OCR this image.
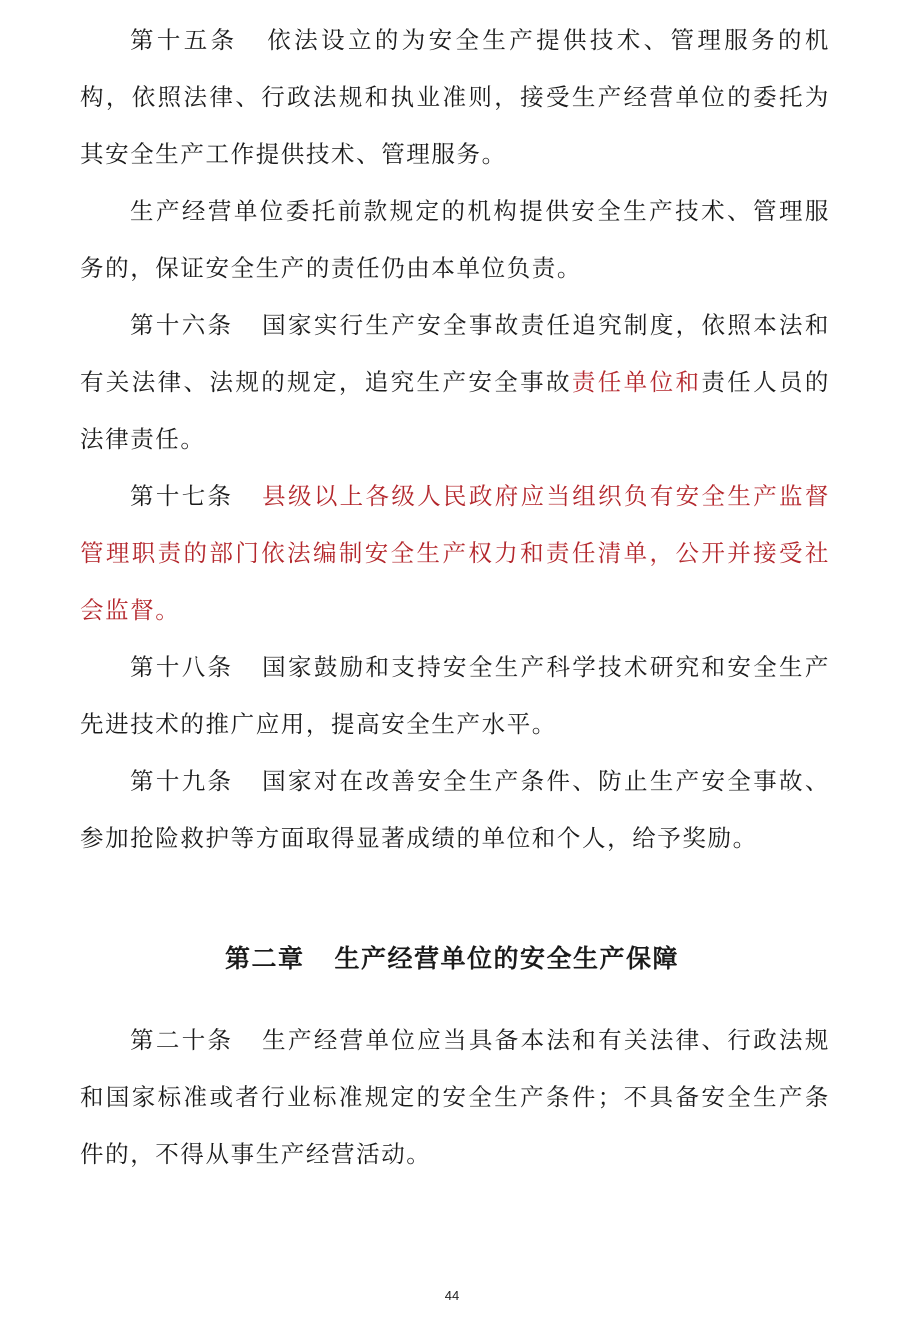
第十五条 依法设立的为安全生产提供技术、管理服务的机构，依照法律、行政法规和执业准则，接受生产经营单位的委托为其安全生产工作提供技术、管理服务。

生产经营单位委托前款规定的机构提供安全生产技术、管理服务的，保证安全生产的责任仍由本单位负责。

第十六条 国家实行生产安全事故责任追究制度，依照本法和有关法律、法规的规定，追究生产安全事故责任单位和责任人员的法律责任。

第十七条 县级以上各级人民政府应当组织负有安全生产监督管理职责的部门依法编制安全生产权力和责任清单，公开并接受社会监督。

第十八条 国家鼓励和支持安全生产科学技术研究和安全生产先进技术的推广应用，提高安全生产水平。

第十九条 国家对在改善安全生产条件、防止生产安全事故、参加抢险救护等方面取得显著成绩的单位和个人，给予奖励。

第二章 生产经营单位的安全生产保障

第二十条 生产经营单位应当具备本法和有关法律、行政法规和国家标准或者行业标准规定的安全生产条件；不具备安全生产条件的，不得从事生产经营活动。

44
